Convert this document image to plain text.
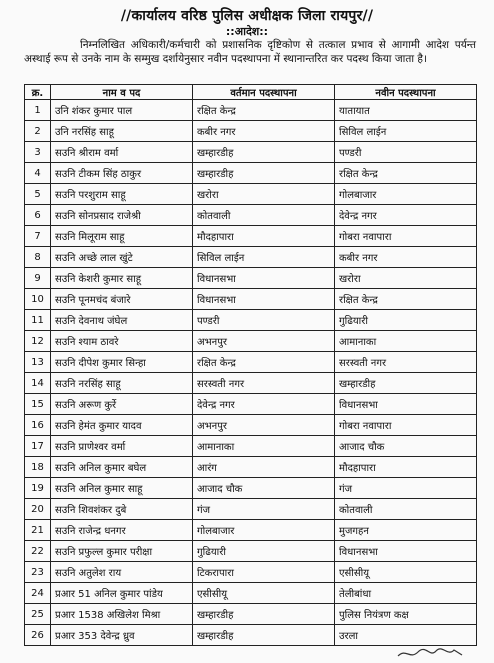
//कार्यालय वरिष्ठ पुलिस अधीक्षक जिला रायपुर//
::आदेश::
निम्नलिखित अधिकारी/कर्मचारी को प्रशासनिक दृष्टिकोण से तत्काल प्रभाव से आगामी आदेश पर्यन्त अस्थाई रूप से उनके नाम के सम्मुख दर्शायेनुसार नवीन पदस्थापना में स्थानान्तरित कर पदस्थ किया जाता है।
क्र.	नाम व पद	वर्तमान पदस्थापना	नवीन पदस्थापना
1	उनि शंकर कुमार पाल	रक्षित केन्द्र	यातायात
2	उनि नरसिंह साहू	कबीर नगर	सिविल लाईन
3	सउनि श्रीराम वर्मा	खम्हारडीह	पण्डरी
4	सउनि टीकम सिंह ठाकुर	खम्हारडीह	रक्षित केन्द्र
5	सउनि परशुराम साहू	खरोरा	गोलबाजार
6	सउनि सोनप्रसाद राजेश्री	कोतवाली	देवेन्द्र नगर
7	सउनि मिलूराम साहू	मौदहापारा	गोबरा नवापारा
8	सउनि अच्छे लाल खुंटे	सिविल लाईन	कबीर नगर
9	सउनि केशरी कुमार साहू	विधानसभा	खरोरा
10	सउनि पूनमचंद बंजारे	विधानसभा	रक्षित केन्द्र
11	सउनि देवनाथ जंघेल	पण्डरी	गुढियारी
12	सउनि श्याम ठावरे	अभनपुर	आमानाका
13	सउनि दीपेश कुमार सिन्हा	रक्षित केन्द्र	सरस्वती नगर
14	सउनि नरसिंह साहू	सरस्वती नगर	खम्हारडीह
15	सउनि अरूण कुर्रे	देवेन्द्र नगर	विधानसभा
16	सउनि हेमंत कुमार यादव	अभनपुर	गोबरा नवापारा
17	सउनि प्राणेश्वर वर्मा	आमानाका	आजाद चौक
18	सउनि अनिल कुमार बघेल	आरंग	मौदहापारा
19	सउनि अनिल कुमार साहू	आजाद चौक	गंज
20	सउनि शिवशंकर दुबे	गंज	कोतवाली
21	सउनि राजेन्द्र धनगर	गोलबाजार	मुजगहन
22	सउनि प्रफुल्ल कुमार परीक्षा	गुढियारी	विधानसभा
23	सउनि अतुलेश राय	टिकरापारा	एसीसीयू
24	प्रआर 51 अनिल कुमार पांडेय	एसीसीयू	तेलीबांधा
25	प्रआर 1538 अखिलेश मिश्रा	खम्हारडीह	पुलिस नियंत्रण कक्ष
26	प्रआर 353 देवेन्द्र ध्रुव	खम्हारडीह	उरला
